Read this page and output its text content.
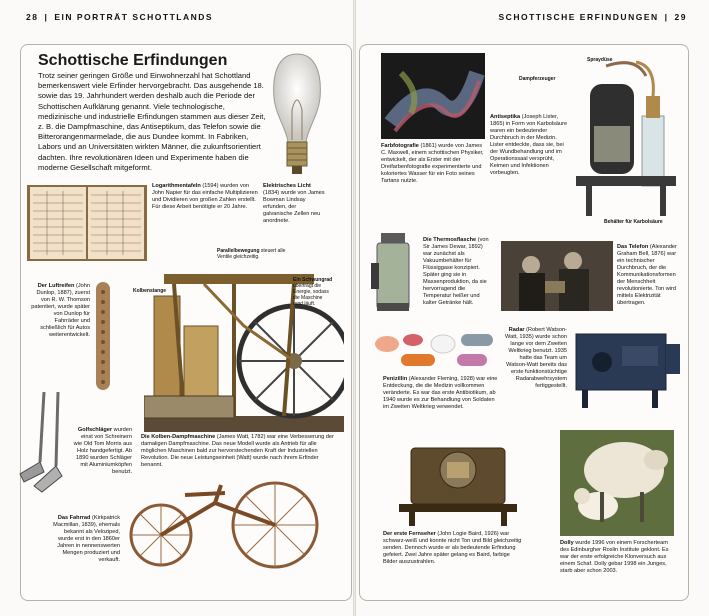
28 | EIN PORTRÄT SCHOTTLANDS	SCHOTTISCHE ERFINDUNGEN | 29
Schottische Erfindungen
Trotz seiner geringen Größe und Einwohnerzahl hat Schottland bemerkenswert viele Erfinder hervorgebracht. Das ausgehende 18. sowie das 19. Jahrhundert werden deshalb auch die Periode der Schottischen Aufklärung genannt. Viele technologische, medizinische und industrielle Erfindungen stammen aus dieser Zeit, z. B. die Dampfmaschine, das Antiseptikum, das Telefon sowie die Bitterorangenmarmelade, die aus Dundee kommt. In Fabriken, Labors und an Universitäten wirkten Männer, die zukunftsorientiert dachten. Ihre revolutionären Ideen und Experimente haben die moderne Gesellschaft mitgeformt.
Logarithmentafeln (1594) wurden von John Napier für das einfache Multiplizieren und Dividieren von großen Zahlen erstellt. Für diese Arbeit benötigte er 20 Jahre.
Elektrisches Licht (1834) wurde von James Bowman Lindsay erfunden, der galvanische Zellen neu anordnete.
Parallelbewegung steuert alle Ventile gleichzeitig.
Kolbenstange
Ein Schwungrad überträgt die Energie, sodass die Maschine rund läuft.
Der Luftreifen (John Dunlop, 1887), zuerst von R. W. Thomson patentiert, wurde später von Dunlop für Fahrräder und schließlich für Autos weiterentwickelt.
Golfschläger wurden einst von Schreinern wie Old Tom Morris aus Holz handgefertigt. Ab 1890 wurden Schläger mit Aluminiumköpfen benutzt.
Die Kolben-Dampfmaschine (James Watt, 1782) war eine Verbesserung der damaligen Dampfmaschine. Das neue Modell wurde als Antrieb für alle möglichen Maschinen bald zur hervorstechenden Kraft der Industriellen Revolution. Die neue Leistungseinheit (Watt) wurde nach ihrem Erfinder benannt.
Das Fahrrad (Kirkpatrick Macmillan, 1839), ehemals bekannt als Veloziped, wurde erst in den 1860er Jahren in nennenswerten Mengen produziert und verkauft.
Farbfotografie (1861) wurde von James C. Maxwell, einem schottischen Physiker, entwickelt, der als Erster mit der Dreifarbenfotografie experimentierte und koloriertes Wasser für ein Foto seines Tartans nutzte.
Spraydüse
Dampferzeuger
Antiseptika (Joseph Lister, 1865) in Form von Karbolsäure waren ein bedeutender Durchbruch in der Medizin. Lister entdeckte, dass sie, bei der Wundbehandlung und im Operationssaal versprüht, Keimen und Infektionen vorbeugten.
Behälter für Karbolsäure
Die Thermosflasche (von Sir James Dewar, 1892) war zunächst als Vakuumbehälter für Flüssiggase konzipiert. Später ging sie in Massenproduktion, da sie hervorragend die Temperatur heißer und kalter Getränke hält.
Das Telefon (Alexander Graham Bell, 1876) war ein technischer Durchbruch, der die Kommunikationsformen der Menschheit revolutionierte. Ton wird mittels Elektrizität übertragen.
Penizillin (Alexander Fleming, 1928) war eine Entdeckung, die die Medizin vollkommen veränderte. Es war das erste Antibiotikum, ab 1940 wurde es zur Behandlung von Soldaten im Zweiten Weltkrieg verwendet.
Radar (Robert Watson-Watt, 1935) wurde schon lange vor dem Zweiten Weltkrieg benutzt. 1935 hatte das Team um Watson-Watt bereits das erste funktionstüchtige Radarabwehrsystem fertiggestellt.
Der erste Fernseher (John Logie Baird, 1926) war schwarz-weiß und konnte nicht Ton und Bild gleichzeitig senden. Dennoch wurde er als bedeutende Erfindung gefeiert. Zwei Jahre später gelang es Baird, farbige Bilder auszustrahlen.
Dolly wurde 1996 von einem Forscherteam des Edinburgher Roslin Institute geklont. Es war der erste erfolgreiche Klonversuch aus einem Schaf. Dolly gebar 1998 ein Junges, starb aber schon 2003.
